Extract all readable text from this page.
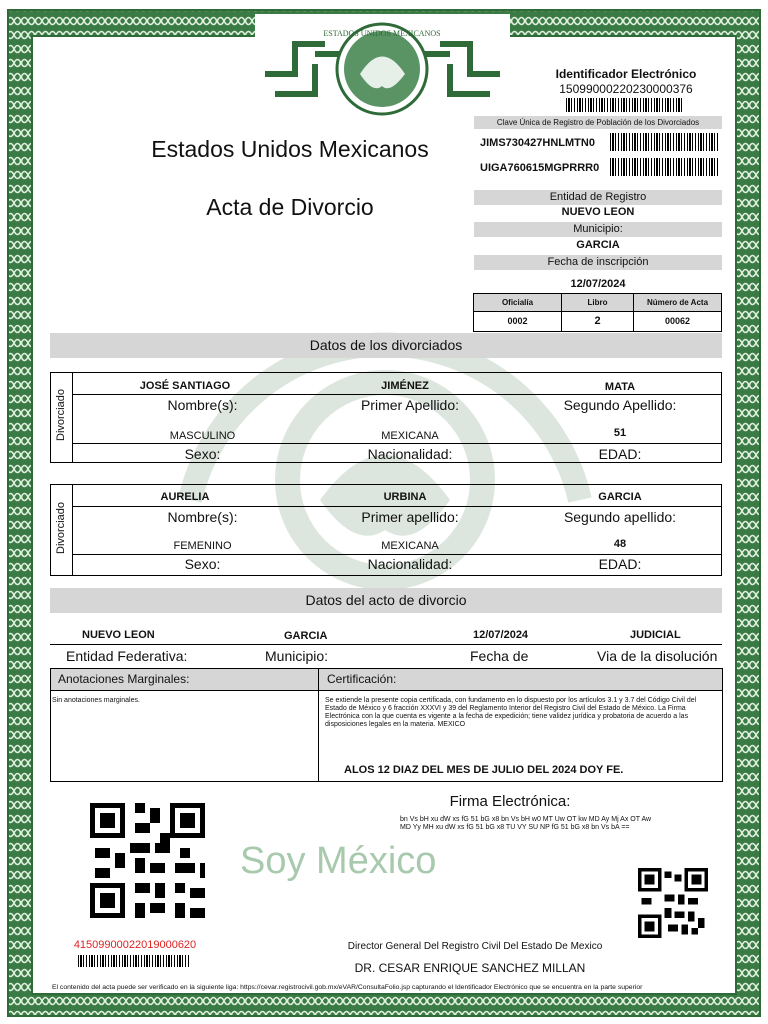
ESTADOS UNIDOS MEXICANOS
Estados Unidos Mexicanos
Acta de Divorcio
Identificador Electrónico
15099000220230000376
Clave Única de Registro de Población de los Divorciados
JIMS730427HNLMTN0
UIGA760615MGPRRR0
Entidad de Registro
NUEVO LEON
Municipio:
GARCIA
Fecha de inscripción
12/07/2024
Oficialía	Libro	Número de Acta
0002	2	00062
Datos de los divorciados
Divorciado
JOSÉ SANTIAGO	JIMÉNEZ	MATA
Nombre(s):	Primer Apellido:	Segundo Apellido:
MASCULINO	MEXICANA	51
Sexo:	Nacionalidad:	EDAD:
Divorciado
AURELIA	URBINA	GARCIA
Nombre(s):	Primer apellido:	Segundo apellido:
FEMENINO	MEXICANA	48
Sexo:	Nacionalidad:	EDAD:
Datos del acto de divorcio
NUEVO LEON	GARCIA	12/07/2024	JUDICIAL
Entidad Federativa:	Municipio:	Fecha de	Via de la disolución
Anotaciones Marginales:	Certificación:
Sin anotaciones marginales.	Se extiende la presente copia certificada, con fundamento en lo dispuesto por los artículos 3.1 y 3.7 del Código Civil del Estado de México y 6 fracción XXXVI y 39 del Reglamento Interior del Registro Civil del Estado de México. La Firma Electrónica con la que cuenta es vigente a la fecha de expedición; tiene validez jurídica y probatoria de acuerdo a las disposiciones legales en la materia. MEXICO
ALOS 12 DIAZ DEL MES DE JULIO DEL 2024 DOY FE.
Firma Electrónica:
bn Vs bH xu dW xs fG 51 bG x8 bn Vs bH w0 MT Uw OT kw MD Ay Mj Ax OT Aw MD Yy MH xu dW xs fG 51 bG x8 TU VY SU NP fG 51 bG x8 bn Vs bA ==
Soy México
41509900022019000620	Director General Del Registro Civil Del Estado De Mexico
DR. CESAR ENRIQUE SANCHEZ MILLAN
El contenido del acta puede ser verificado en la siguiente liga: https://cevar.registrocivil.gob.mx/eVAR/ConsultaFolio.jsp capturando el Identificador Electrónico que se encuentra en la parte superior
